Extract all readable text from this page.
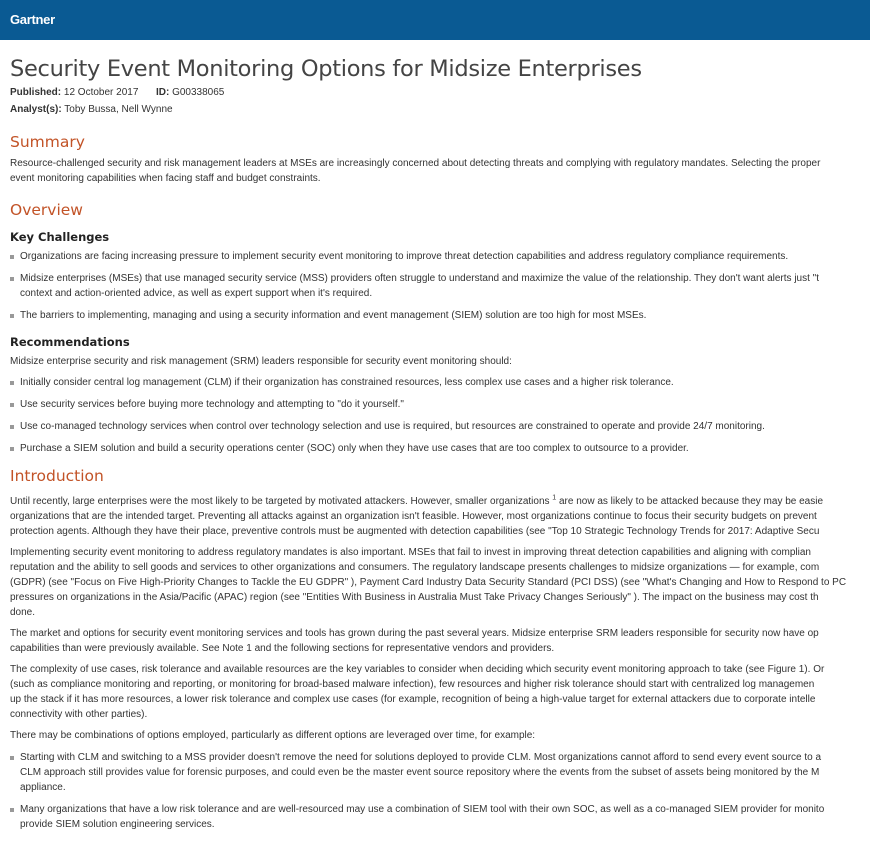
Gartner
Security Event Monitoring Options for Midsize Enterprises
Published: 12 October 2017 ID: G00338065
Analyst(s): Toby Bussa, Nell Wynne
Summary

Resource-challenged security and risk management leaders at MSEs are increasingly concerned about detecting threats and complying with regulatory mandates. Selecting the proper

event monitoring capabilities when facing staff and budget constraints.

Overview
Key Challenges
Organizations are facing increasing pressure to implement security event monitoring to improve threat detection capabilities and address regulatory compliance requirements.
Midsize enterprises (MSEs) that use managed security service (MSS) providers often struggle to understand and maximize the value of the relationship. They don't want alerts just "t
context and action-oriented advice, as well as expert support when it's required.
The barriers to implementing, managing and using a security information and event management (SIEM) solution are too high for most MSEs.
Recommendations

Midsize enterprise security and risk management (SRM) leaders responsible for security event monitoring should:

Initially consider central log management (CLM) if their organization has constrained resources, less complex use cases and a higher risk tolerance.
Use security services before buying more technology and attempting to "do it yourself."
Use co-managed technology services when control over technology selection and use is required, but resources are constrained to operate and provide 24/7 monitoring.
Purchase a SIEM solution and build a security operations center (SOC) only when they have use cases that are too complex to outsource to a provider.
Introduction

Until recently, large enterprises were the most likely to be targeted by motivated attackers. However, smaller organizations $^1$ are now as likely to be attacked because they may be easie

organizations that are the intended target. Preventing all attacks against an organization isn't feasible. However, most organizations continue to focus their security budgets on prevent

protection agents. Although they have their place, preventive controls must be augmented with detection capabilities (see "Top 10 Strategic Technology Trends for 2017: Adaptive Secu

Implementing security event monitoring to address regulatory mandates is also important. MSEs that fail to invest in improving threat detection capabilities and aligning with complian

reputation and the ability to sell goods and services to other organizations and consumers. The regulatory landscape presents challenges to midsize organizations — for example, com

(GDPR) (see "Focus on Five High-Priority Changes to Tackle the EU GDPR" ), Payment Card Industry Data Security Standard (PCI DSS) (see "What's Changing and How to Respond to PC

pressures on organizations in the Asia/Pacific (APAC) region (see "Entities With Business in Australia Must Take Privacy Changes Seriously" ). The impact on the business may cost th

done.

The market and options for security event monitoring services and tools has grown during the past several years. Midsize enterprise SRM leaders responsible for security now have op

capabilities than were previously available. See Note 1 and the following sections for representative vendors and providers.

The complexity of use cases, risk tolerance and available resources are the key variables to consider when deciding which security event monitoring approach to take (see Figure 1). Or

(such as compliance monitoring and reporting, or monitoring for broad-based malware infection), few resources and higher risk tolerance should start with centralized log managemen

up the stack if it has more resources, a lower risk tolerance and complex use cases (for example, recognition of being a high-value target for external attackers due to corporate intelle

connectivity with other parties).

There may be combinations of options employed, particularly as different options are leveraged over time, for example:

Starting with CLM and switching to a MSS provider doesn't remove the need for solutions deployed to provide CLM. Most organizations cannot afford to send every event source to a
CLM approach still provides value for forensic purposes, and could even be the master event source repository where the events from the subset of assets being monitored by the M
appliance.
Many organizations that have a low risk tolerance and are well-resourced may use a combination of SIEM tool with their own SOC, as well as a co-managed SIEM provider for monito
provide SIEM solution engineering services.
